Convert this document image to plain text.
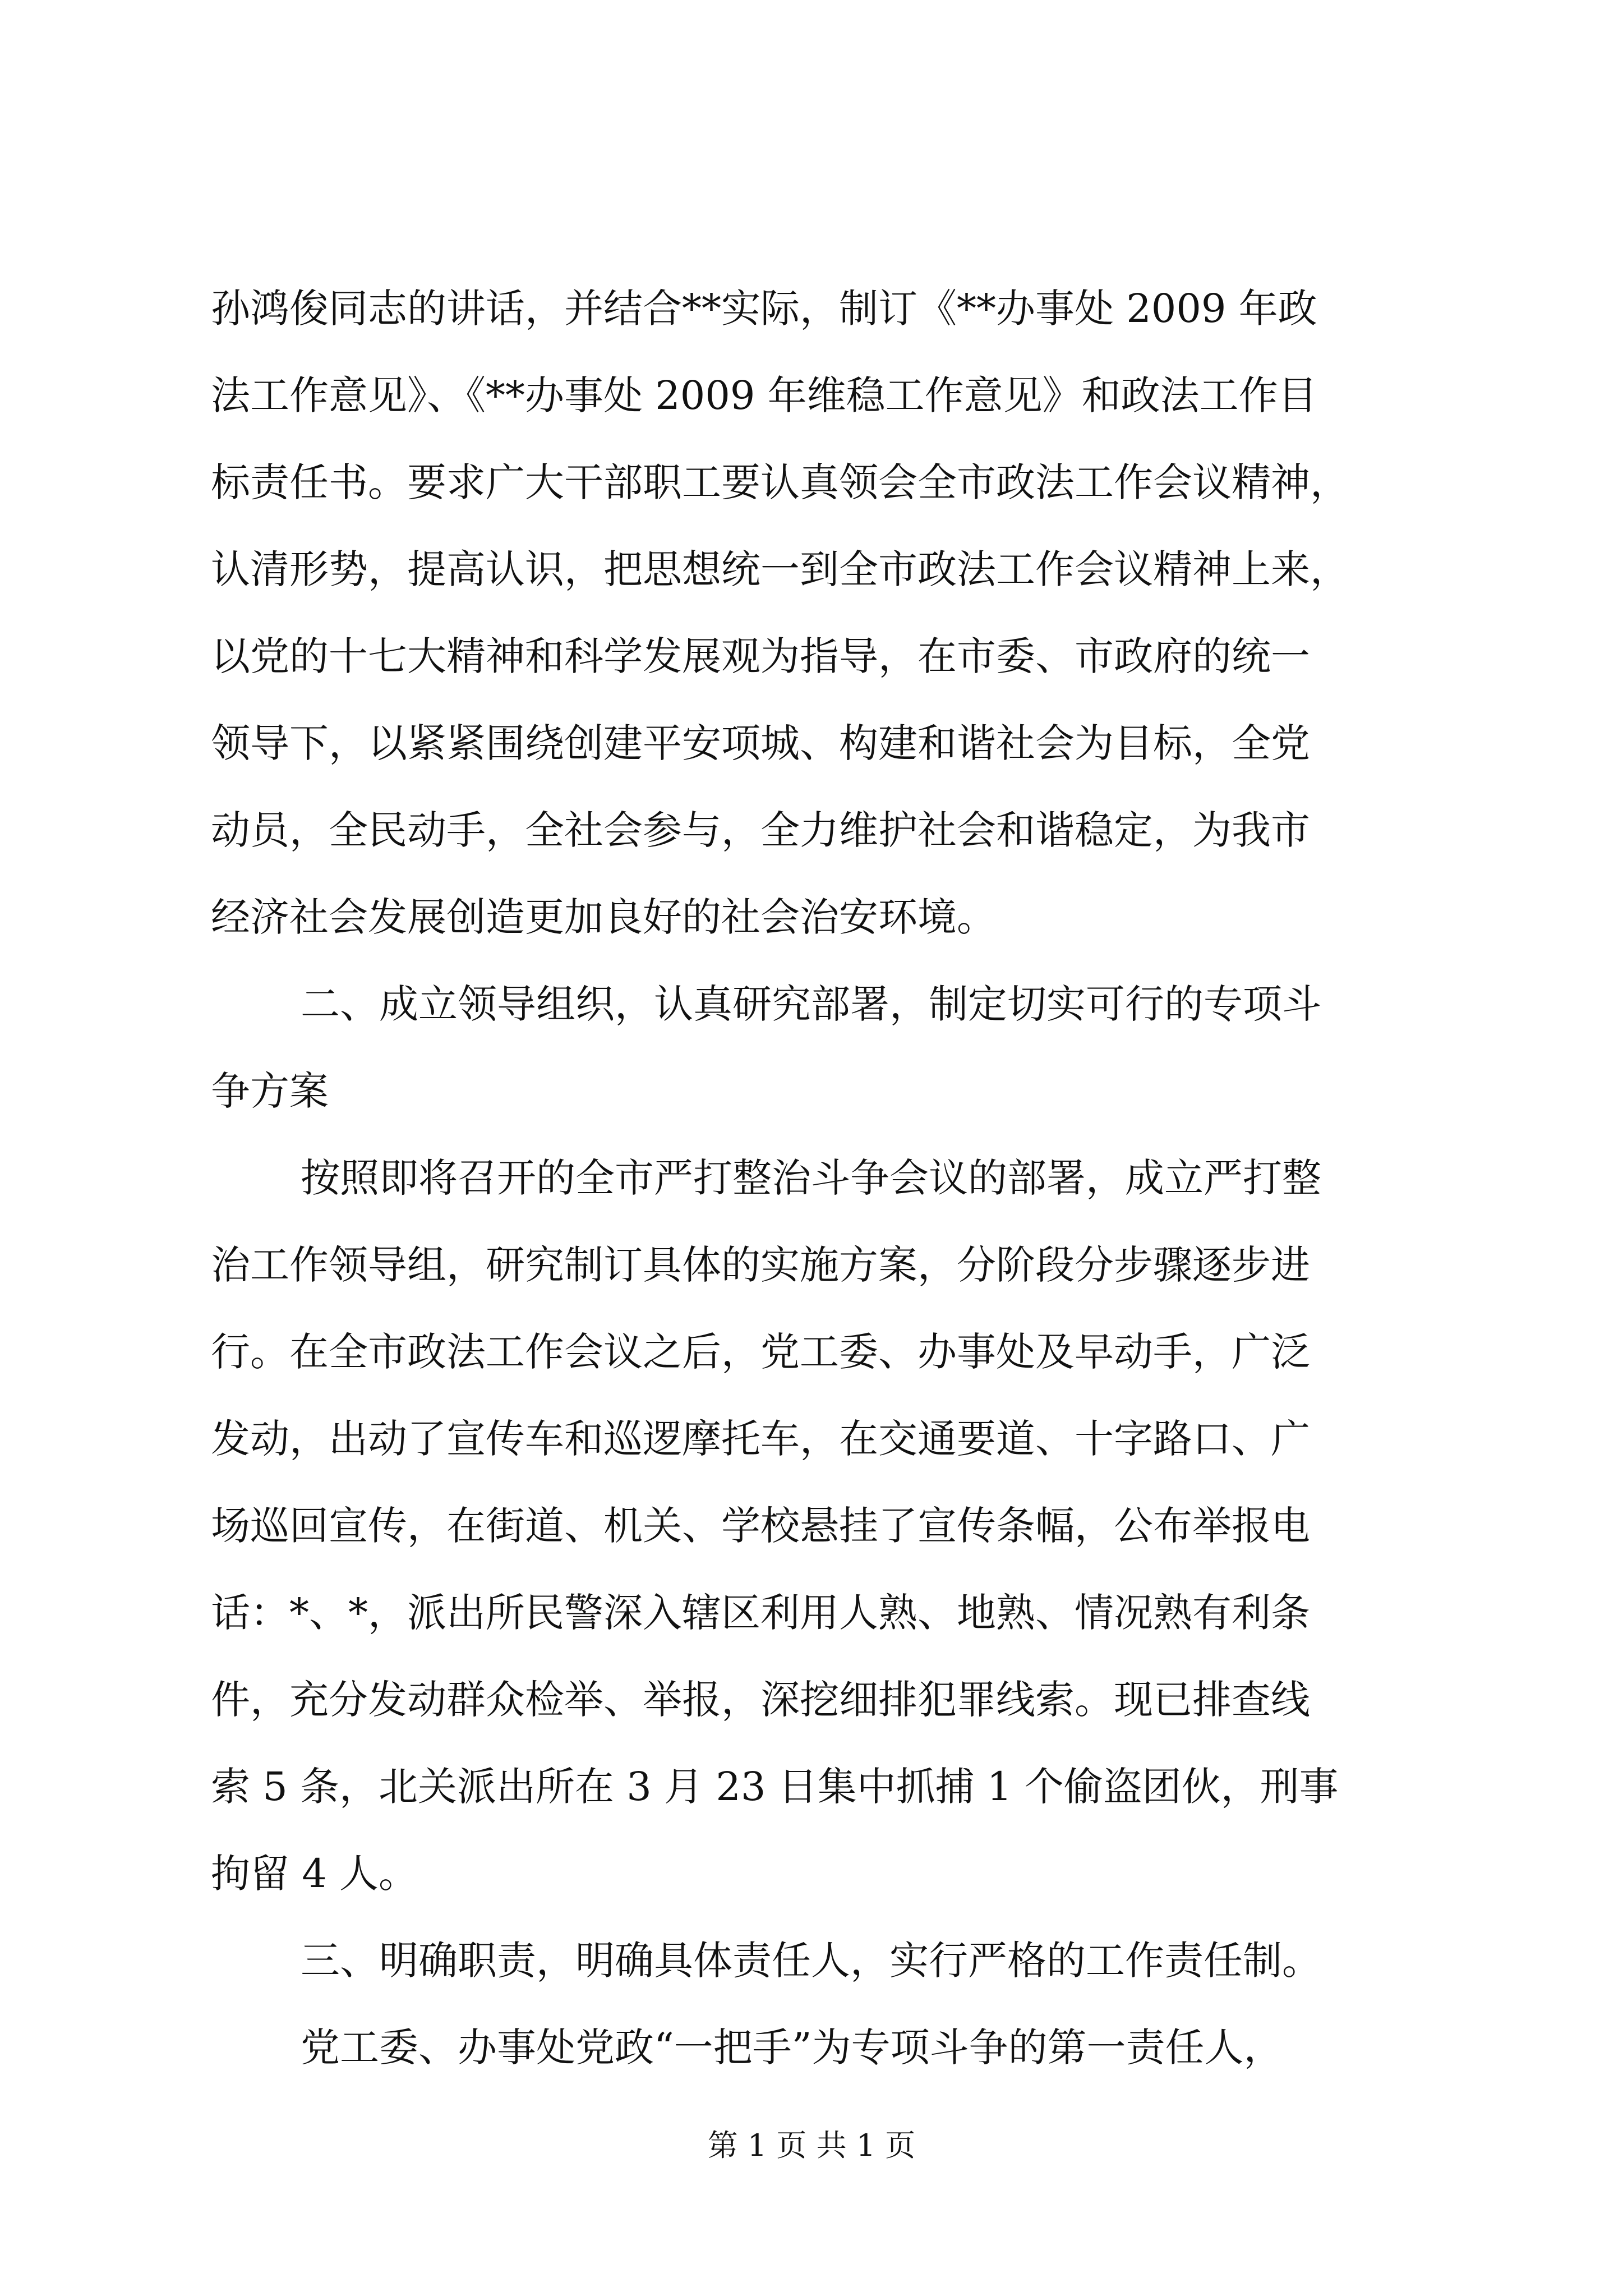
孙鸿俊同志的讲话，并结合**实际，制订《**办事处 2009 年政
法工作意见》、《**办事处 2009 年维稳工作意见》和政法工作目
标责任书。要求广大干部职工要认真领会全市政法工作会议精神，
认清形势，提高认识，把思想统一到全市政法工作会议精神上来，
以党的十七大精神和科学发展观为指导，在市委、市政府的统一
领导下，以紧紧围绕创建平安项城、构建和谐社会为目标，全党
动员，全民动手，全社会参与，全力维护社会和谐稳定，为我市
经济社会发展创造更加良好的社会治安环境。
二、成立领导组织，认真研究部署，制定切实可行的专项斗
争方案
按照即将召开的全市严打整治斗争会议的部署，成立严打整
治工作领导组，研究制订具体的实施方案，分阶段分步骤逐步进
行。在全市政法工作会议之后，党工委、办事处及早动手，广泛
发动，出动了宣传车和巡逻摩托车，在交通要道、十字路口、广
场巡回宣传，在街道、机关、学校悬挂了宣传条幅，公布举报电
话：*、*，派出所民警深入辖区利用人熟、地熟、情况熟有利条
件，充分发动群众检举、举报，深挖细排犯罪线索。现已排查线
索 5 条，北关派出所在 3 月 23 日集中抓捕 1 个偷盗团伙，刑事
拘留 4 人。
三、明确职责，明确具体责任人，实行严格的工作责任制。
党工委、办事处党政“一把手”为专项斗争的第一责任人，
第 1 页 共 1 页
